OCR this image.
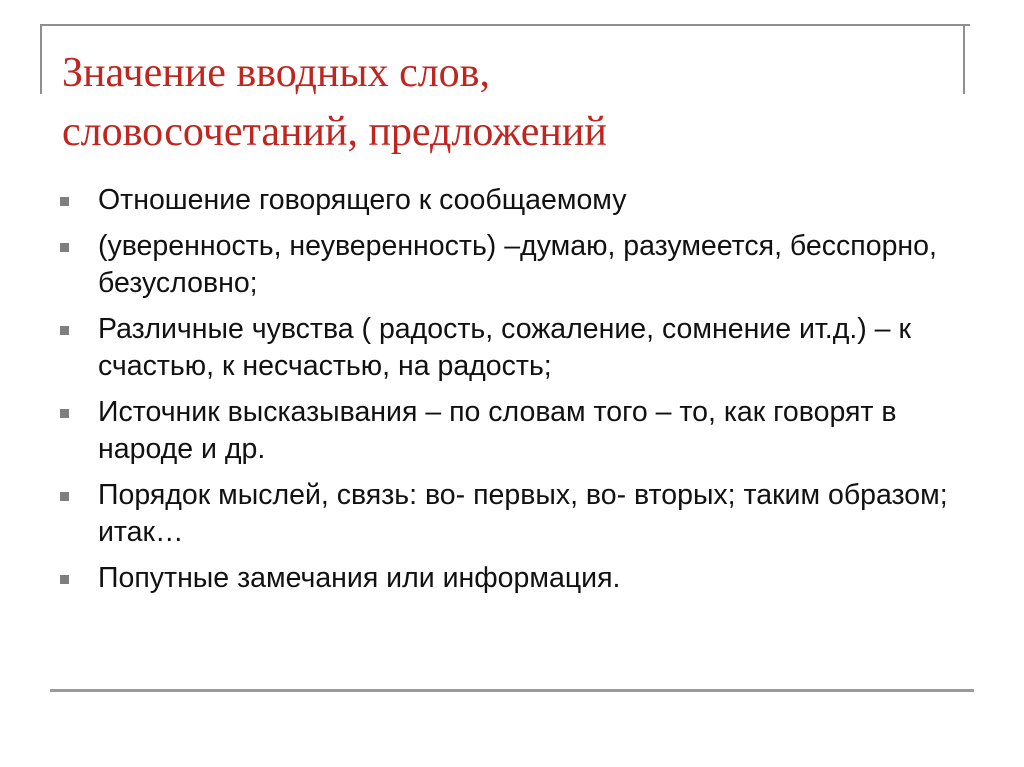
Значение вводных слов,
словосочетаний, предложений
Отношение говорящего к сообщаемому
(уверенность, неуверенность) –думаю, разумеется, бесспорно, безусловно;
Различные чувства ( радость, сожаление, сомнение ит.д.) – к счастью, к несчастью, на радость;
Источник высказывания – по словам того – то, как говорят в народе и др.
Порядок мыслей, связь: во- первых, во- вторых; таким образом; итак…
Попутные замечания или информация.
